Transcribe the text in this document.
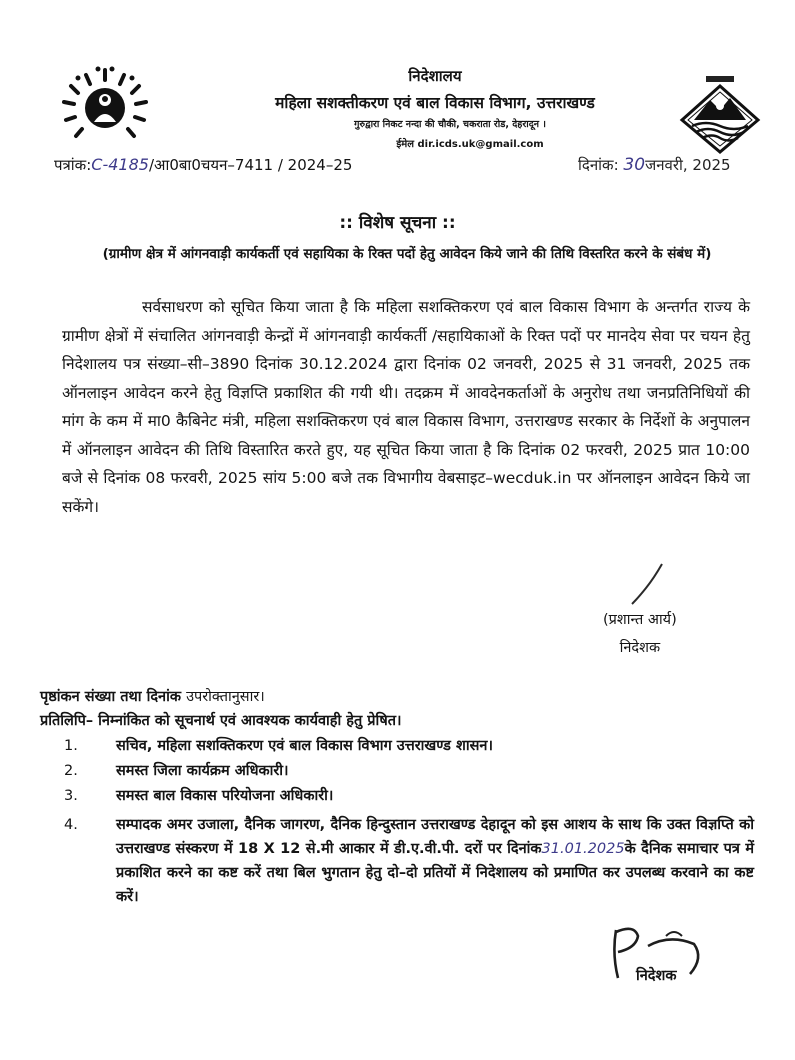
निदेशालय
महिला सशक्तीकरण एवं बाल विकास विभाग, उत्तराखण्ड
गुरुद्वारा निकट नन्दा की चौकी, चकराता रोड, देहरादून ।
ईमेल dir.icds.uk@gmail.com
पत्रांक:C-4185/आ0बा0चयन–7411 / 2024–25	दिनांक: 30जनवरी, 2025
:: विशेष सूचना ::
(ग्रामीण क्षेत्र में आंगनवाड़ी कार्यकर्ती एवं सहायिका के रिक्त पदों हेतु आवेदन किये जाने की तिथि विस्तरित करने के संबंध में)
सर्वसाधरण को सूचित किया जाता है कि महिला सशक्तिकरण एवं बाल विकास विभाग के अन्तर्गत राज्य के ग्रामीण क्षेत्रों में संचालित आंगनवाड़ी केन्द्रों में आंगनवाड़ी कार्यकर्ती /सहायिकाओं के रिक्त पदों पर मानदेय सेवा पर चयन हेतु निदेशालय पत्र संख्या–सी–3890 दिनांक 30.12.2024 द्वारा दिनांक 02 जनवरी, 2025 से 31 जनवरी, 2025 तक ऑनलाइन आवेदन करने हेतु विज्ञप्ति प्रकाशित की गयी थी। तदक्रम में आवदेनकर्ताओं के अनुरोध तथा जनप्रतिनिधियों की मांग के कम में मा0 कैबिनेट मंत्री, महिला सशक्तिकरण एवं बाल विकास विभाग, उत्तराखण्ड सरकार के निर्देशों के अनुपालन में ऑनलाइन आवेदन की तिथि विस्तारित करते हुए, यह सूचित किया जाता है कि दिनांक 02 फरवरी, 2025 प्रात 10:00 बजे से दिनांक 08 फरवरी, 2025 सांय 5:00 बजे तक विभागीय वेबसाइट–wecduk.in पर ऑनलाइन आवेदन किये जा सकेंगे।
(प्रशान्त आर्य)
निदेशक
पृष्ठांकन संख्या तथा दिनांक उपरोक्तानुसार।
प्रतिलिपि– निम्नांकित को सूचनार्थ एवं आवश्यक कार्यवाही हेतु प्रेषित।
1.	सचिव, महिला सशक्तिकरण एवं बाल विकास विभाग उत्तराखण्ड शासन।
2.	समस्त जिला कार्यक्रम अधिकारी।
3.	समस्त बाल विकास परियोजना अधिकारी।
4.	सम्पादक अमर उजाला, दैनिक जागरण, दैनिक हिन्दुस्तान उत्तराखण्ड देहादून को इस आशय के साथ कि उक्त विज्ञप्ति को उत्तराखण्ड संस्करण में 18 X 12 से.मी आकार में डी.ए.वी.पी. दरों पर दिनांक31.01.2025के दैनिक समाचार पत्र में प्रकाशित करने का कष्ट करें तथा बिल भुगतान हेतु दो–दो प्रतियों में निदेशालय को प्रमाणित कर उपलब्ध करवाने का कष्ट करें।
निदेशक
